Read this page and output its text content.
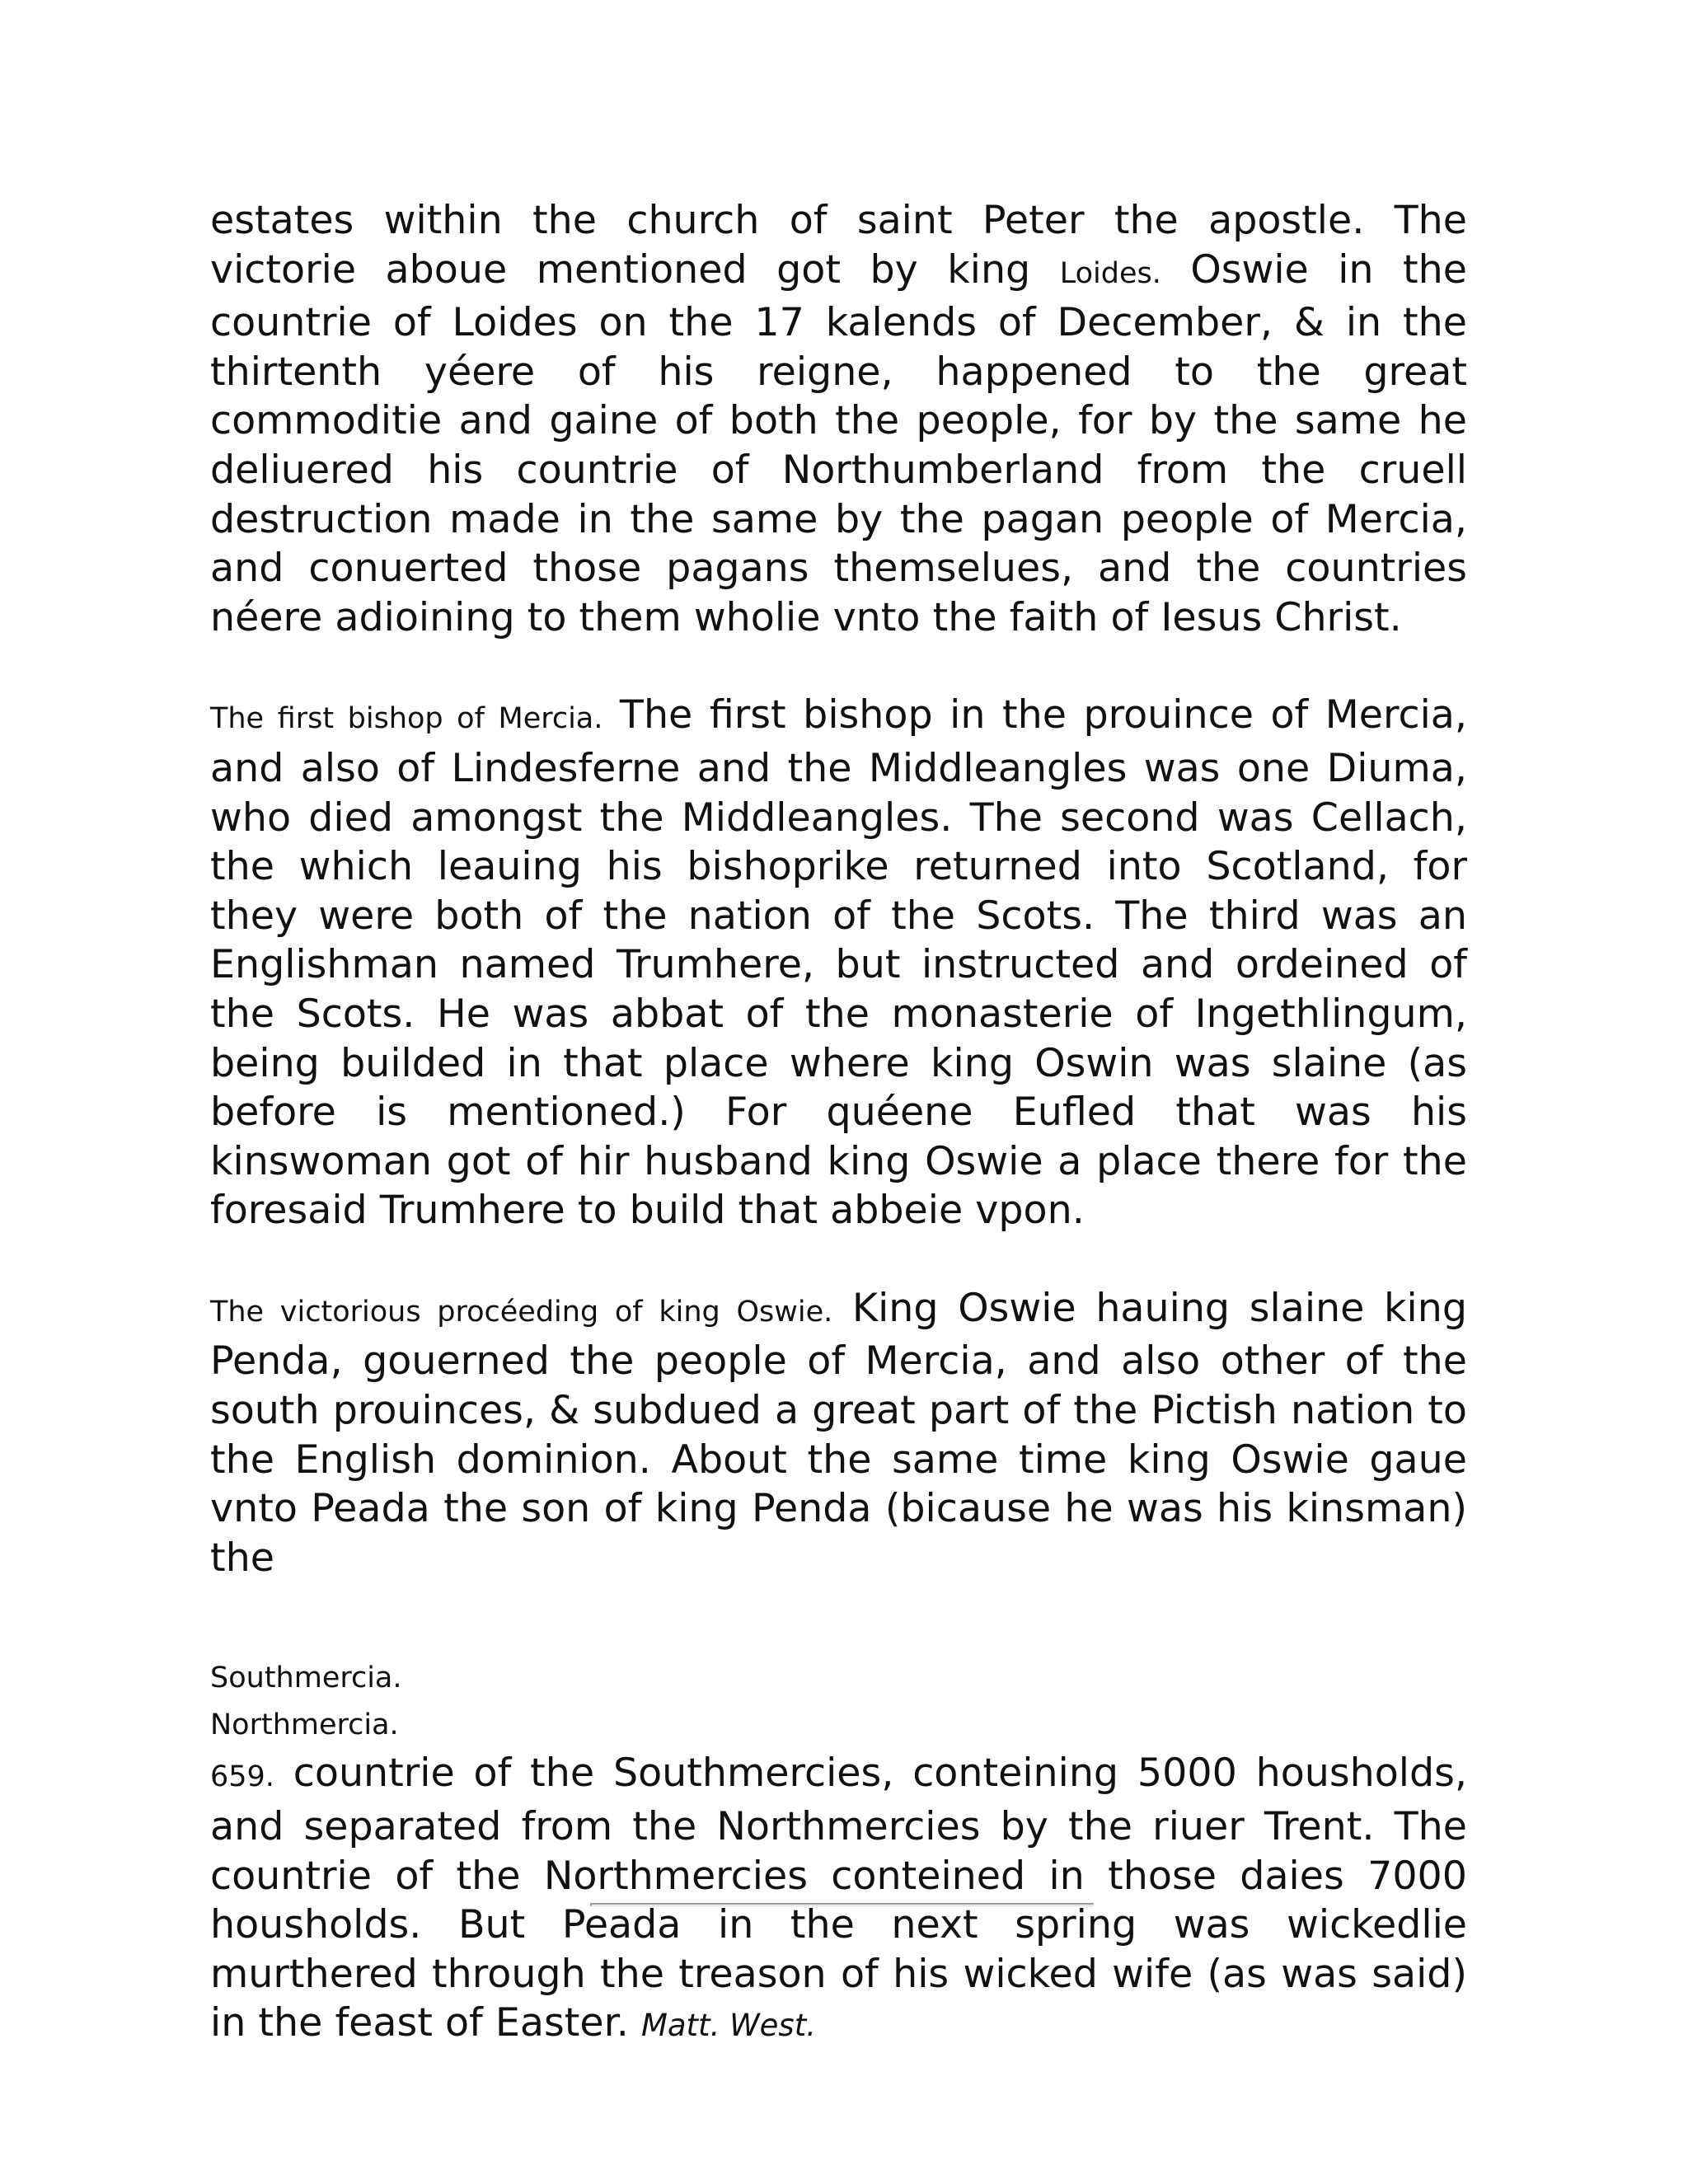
estates within the church of saint Peter the apostle. The victorie aboue mentioned got by king Loides. Oswie in the countrie of Loides on the 17 kalends of December, & in the thirtenth yéere of his reigne, happened to the great commoditie and gaine of both the people, for by the same he deliuered his countrie of Northumberland from the cruell destruction made in the same by the pagan people of Mercia, and conuerted those pagans themselues, and the countries néere adioining to them wholie vnto the faith of Iesus Christ.

The first bishop of Mercia. The first bishop in the prouince of Mercia, and also of Lindesferne and the Middleangles was one Diuma, who died amongst the Middleangles. The second was Cellach, the which leauing his bishoprike returned into Scotland, for they were both of the nation of the Scots. The third was an Englishman named Trumhere, but instructed and ordeined of the Scots. He was abbat of the monasterie of Ingethlingum, being builded in that place where king Oswin was slaine (as before is mentioned.) For quéene Eufled that was his kinswoman got of hir husband king Oswie a place there for the foresaid Trumhere to build that abbeie vpon.

The victorious procéeding of king Oswie. King Oswie hauing slaine king Penda, gouerned the people of Mercia, and also other of the south prouinces, & subdued a great part of the Pictish nation to the English dominion. About the same time king Oswie gaue vnto Peada the son of king Penda (bicause he was his kinsman) the

Southmercia.

Northmercia.

659. countrie of the Southmercies, conteining 5000 housholds, and separated from the Northmercies by the riuer Trent. The countrie of the Northmercies conteined in those daies 7000 housholds. But Peada in the next spring was wickedlie murthered through the treason of his wicked wife (as was said) in the feast of Easter. Matt. West.
